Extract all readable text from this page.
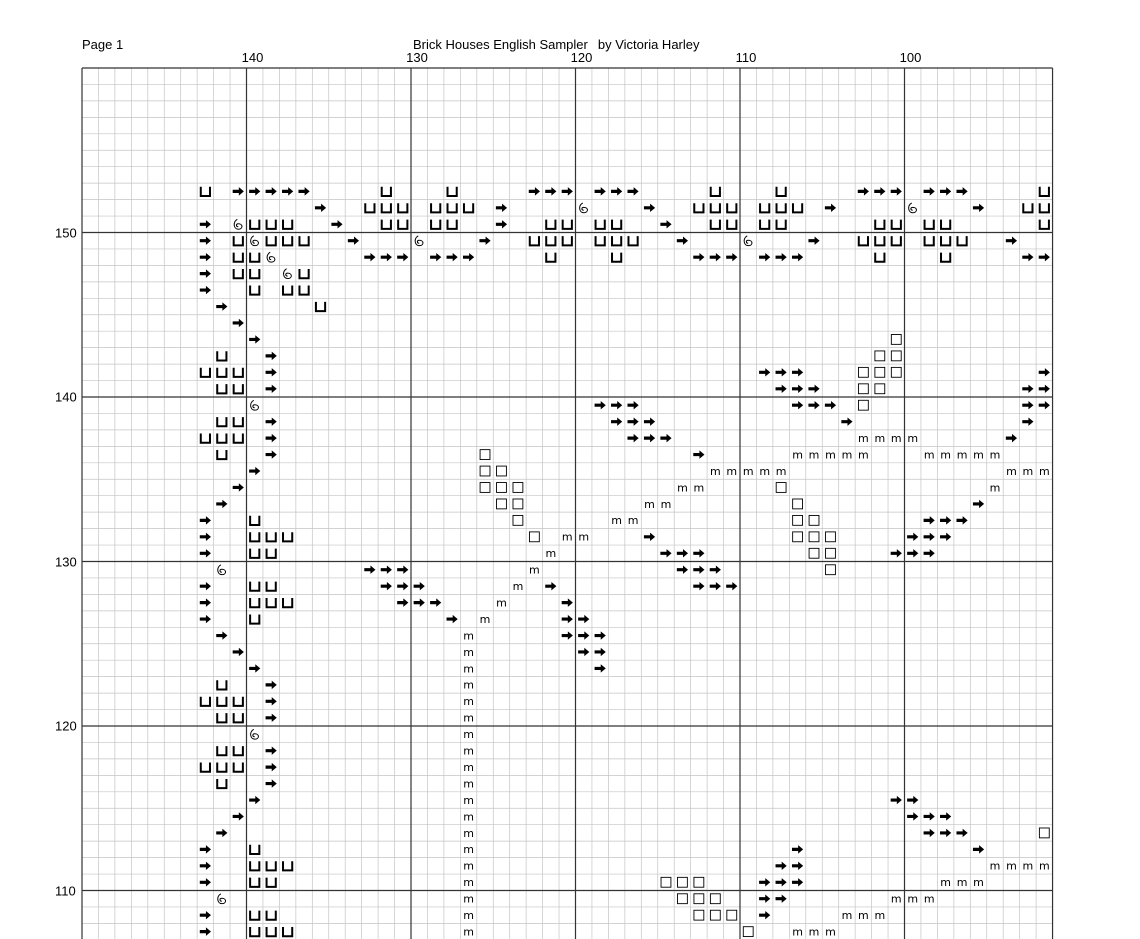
Page 1	Brick Houses English Sampler by Victoria Harley
140	130	120	110	100
150
140
130
120
110
m m m m
m m m m m	m m m m m
m m m m m	m m m
m m	m
m m
m m
m m
m
m
m
m
m
m
m
m
m
m
m
m
m
m
m
m
m
m
m
m	m m m m
m	m m m
m	m m m
m	m m m
m	m m m
